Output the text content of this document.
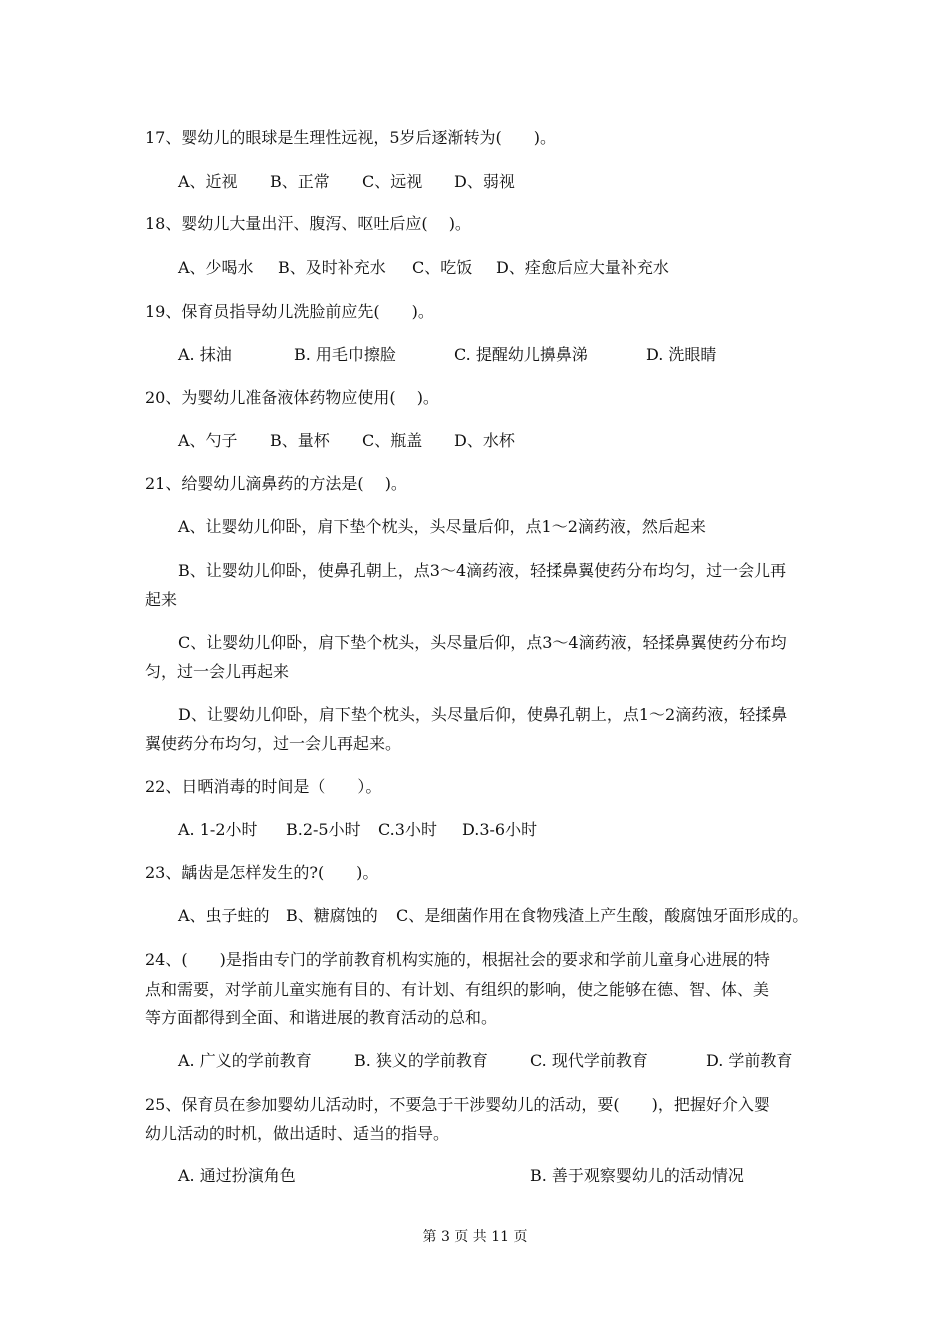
17、婴幼儿的眼球是生理性远视，5岁后逐渐转为(　　)。
A、近视 B、正常 C、远视 D、弱视
18、婴幼儿大量出汗、腹泻、呕吐后应(　 )。
A、少喝水 B、及时补充水 C、吃饭 D、痊愈后应大量补充水
19、保育员指导幼儿洗脸前应先(　　)。
A. 抹油	B. 用毛巾擦脸	C. 提醒幼儿擤鼻涕	D. 洗眼睛
20、为婴幼儿准备液体药物应使用(　 )。
A、勺子 B、量杯 C、瓶盖 D、水杯
21、给婴幼儿滴鼻药的方法是(　 )。
A、让婴幼儿仰卧，肩下垫个枕头，头尽量后仰，点1～2滴药液，然后起来
B、让婴幼儿仰卧，使鼻孔朝上，点3～4滴药液，轻揉鼻翼使药分布均匀，过一会儿再
起来
C、让婴幼儿仰卧，肩下垫个枕头，头尽量后仰，点3～4滴药液，轻揉鼻翼使药分布均
匀，过一会儿再起来
D、让婴幼儿仰卧，肩下垫个枕头，头尽量后仰，使鼻孔朝上，点1～2滴药液，轻揉鼻
翼使药分布均匀，过一会儿再起来。
22、日晒消毒的时间是（　　）。
A. 1-2小时 B.2-5小时 C.3小时 D.3-6小时
23、龋齿是怎样发生的?(　　)。
A、虫子蛀的 B、糖腐蚀的 C、是细菌作用在食物残渣上产生酸，酸腐蚀牙面形成的。
24、(　　)是指由专门的学前教育机构实施的，根据社会的要求和学前儿童身心进展的特
点和需要，对学前儿童实施有目的、有计划、有组织的影响，使之能够在德、智、体、美
等方面都得到全面、和谐进展的教育活动的总和。
A. 广义的学前教育	B. 狭义的学前教育	C. 现代学前教育	D. 学前教育
25、保育员在参加婴幼儿活动时，不要急于干涉婴幼儿的活动，要(　　)，把握好介入婴
幼儿活动的时机，做出适时、适当的指导。
A. 通过扮演角色	B. 善于观察婴幼儿的活动情况
第 3 页 共 11 页
